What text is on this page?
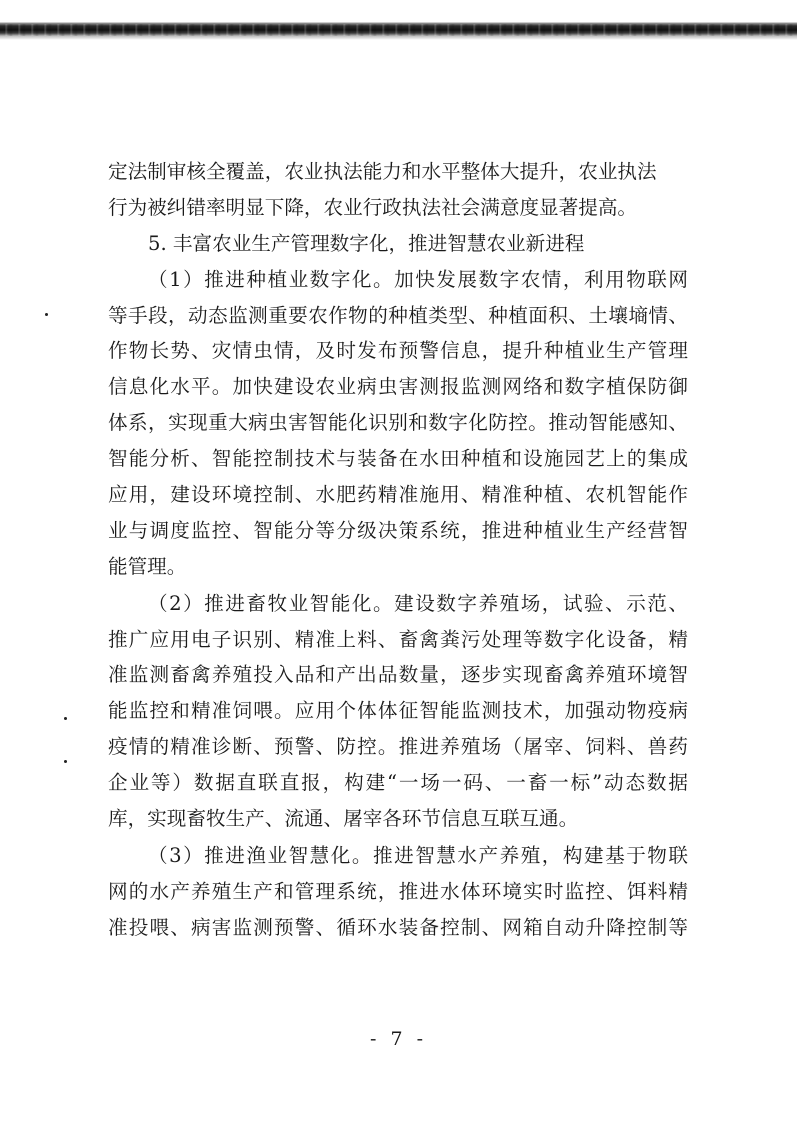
定法制审核全覆盖，农业执法能力和水平整体大提升，农业执法
行为被纠错率明显下降，农业行政执法社会满意度显著提高。
5. 丰富农业生产管理数字化，推进智慧农业新进程
（1）推进种植业数字化。加快发展数字农情，利用物联网
等手段，动态监测重要农作物的种植类型、种植面积、土壤墒情、
作物长势、灾情虫情，及时发布预警信息，提升种植业生产管理
信息化水平。加快建设农业病虫害测报监测网络和数字植保防御
体系，实现重大病虫害智能化识别和数字化防控。推动智能感知、
智能分析、智能控制技术与装备在水田种植和设施园艺上的集成
应用，建设环境控制、水肥药精准施用、精准种植、农机智能作
业与调度监控、智能分等分级决策系统，推进种植业生产经营智
能管理。
（2）推进畜牧业智能化。建设数字养殖场，试验、示范、
推广应用电子识别、精准上料、畜禽粪污处理等数字化设备，精
准监测畜禽养殖投入品和产出品数量，逐步实现畜禽养殖环境智
能监控和精准饲喂。应用个体体征智能监测技术，加强动物疫病
疫情的精准诊断、预警、防控。推进养殖场（屠宰、饲料、兽药
企业等）数据直联直报，构建“一场一码、一畜一标”动态数据
库，实现畜牧生产、流通、屠宰各环节信息互联互通。
（3）推进渔业智慧化。推进智慧水产养殖，构建基于物联
网的水产养殖生产和管理系统，推进水体环境实时监控、饵料精
准投喂、病害监测预警、循环水装备控制、网箱自动升降控制等
- 7 -
